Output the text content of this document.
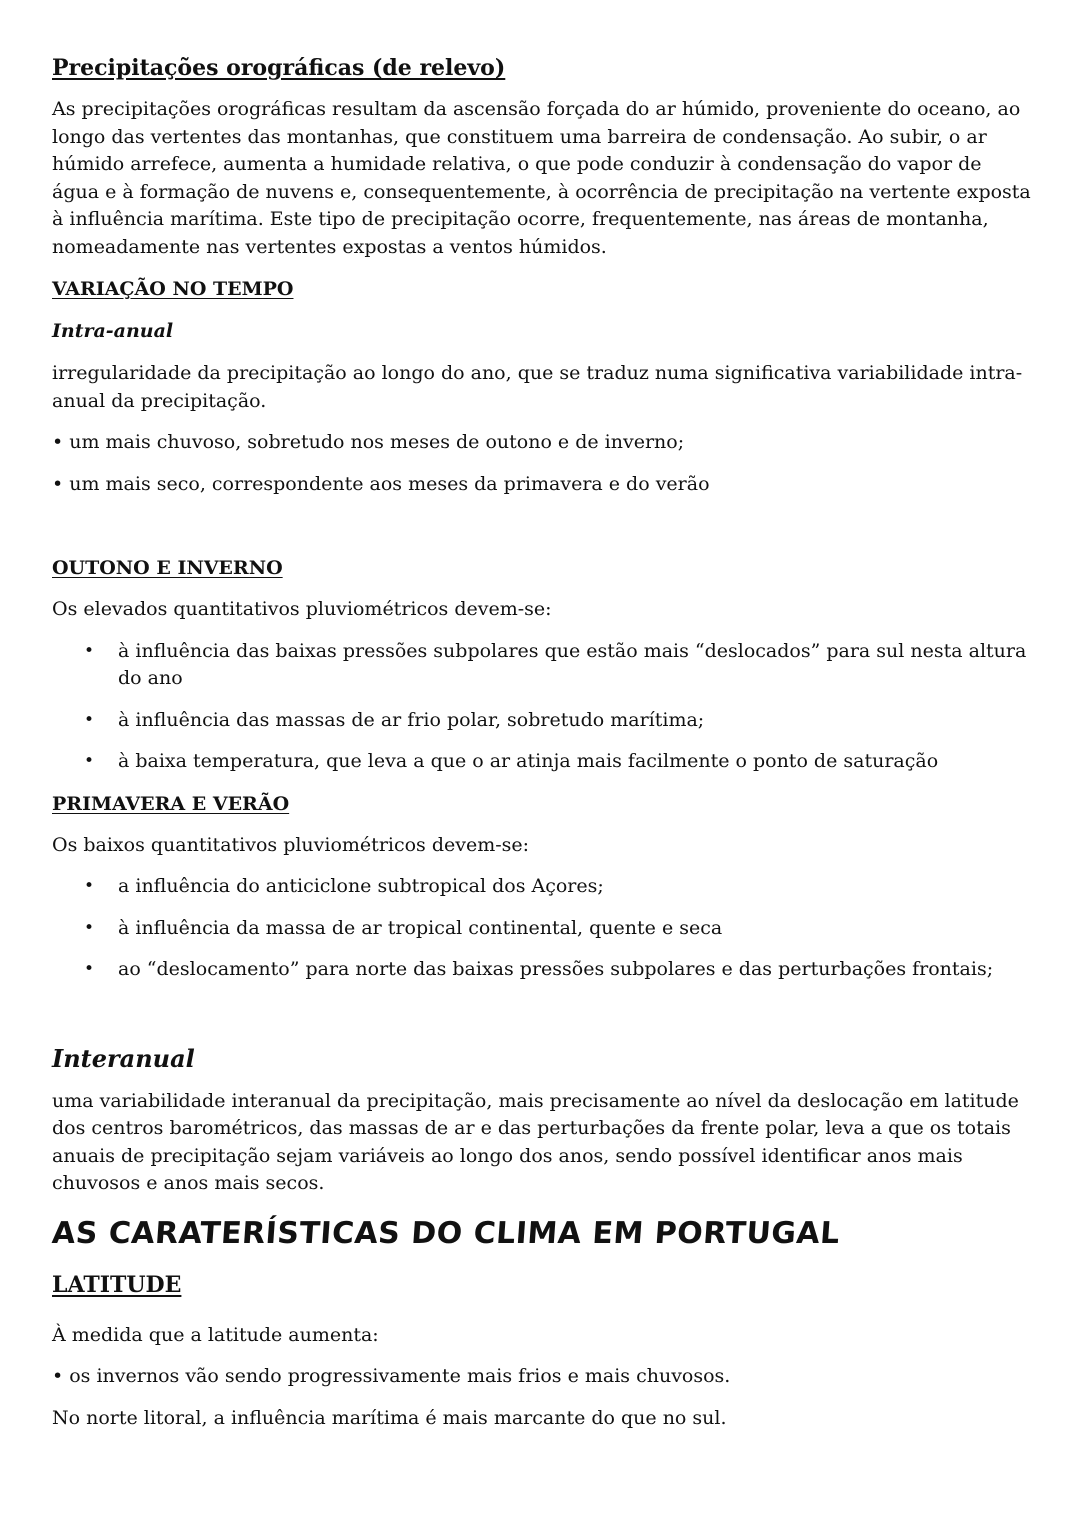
Precipitações orográficas (de relevo)

As precipitações orográficas resultam da ascensão forçada do ar húmido, proveniente do oceano, ao longo das vertentes das montanhas, que constituem uma barreira de condensação. Ao subir, o ar húmido arrefece, aumenta a humidade relativa, o que pode conduzir à condensação do vapor de água e à formação de nuvens e, consequentemente, à ocorrência de precipitação na vertente exposta à influência marítima. Este tipo de precipitação ocorre, frequentemente, nas áreas de montanha, nomeadamente nas vertentes expostas a ventos húmidos.

VARIAÇÃO NO TEMPO
Intra-anual

irregularidade da precipitação ao longo do ano, que se traduz numa significativa variabilidade intra-anual da precipitação.

• um mais chuvoso, sobretudo nos meses de outono e de inverno;

• um mais seco, correspondente aos meses da primavera e do verão

OUTONO E INVERNO

Os elevados quantitativos pluviométricos devem-se:

• à influência das baixas pressões subpolares que estão mais “deslocados” para sul nesta altura do ano
• à influência das massas de ar frio polar, sobretudo marítima;
• à baixa temperatura, que leva a que o ar atinja mais facilmente o ponto de saturação
PRIMAVERA E VERÃO

Os baixos quantitativos pluviométricos devem-se:

• a influência do anticiclone subtropical dos Açores;
• à influência da massa de ar tropical continental, quente e seca
• ao “deslocamento” para norte das baixas pressões subpolares e das perturbações frontais;
Interanual

uma variabilidade interanual da precipitação, mais precisamente ao nível da deslocação em latitude dos centros barométricos, das massas de ar e das perturbações da frente polar, leva a que os totais anuais de precipitação sejam variáveis ao longo dos anos, sendo possível identificar anos mais chuvosos e anos mais secos.

AS CARATERÍSTICAS DO CLIMA EM PORTUGAL
LATITUDE

À medida que a latitude aumenta:

• os invernos vão sendo progressivamente mais frios e mais chuvosos.

No norte litoral, a influência marítima é mais marcante do que no sul.
